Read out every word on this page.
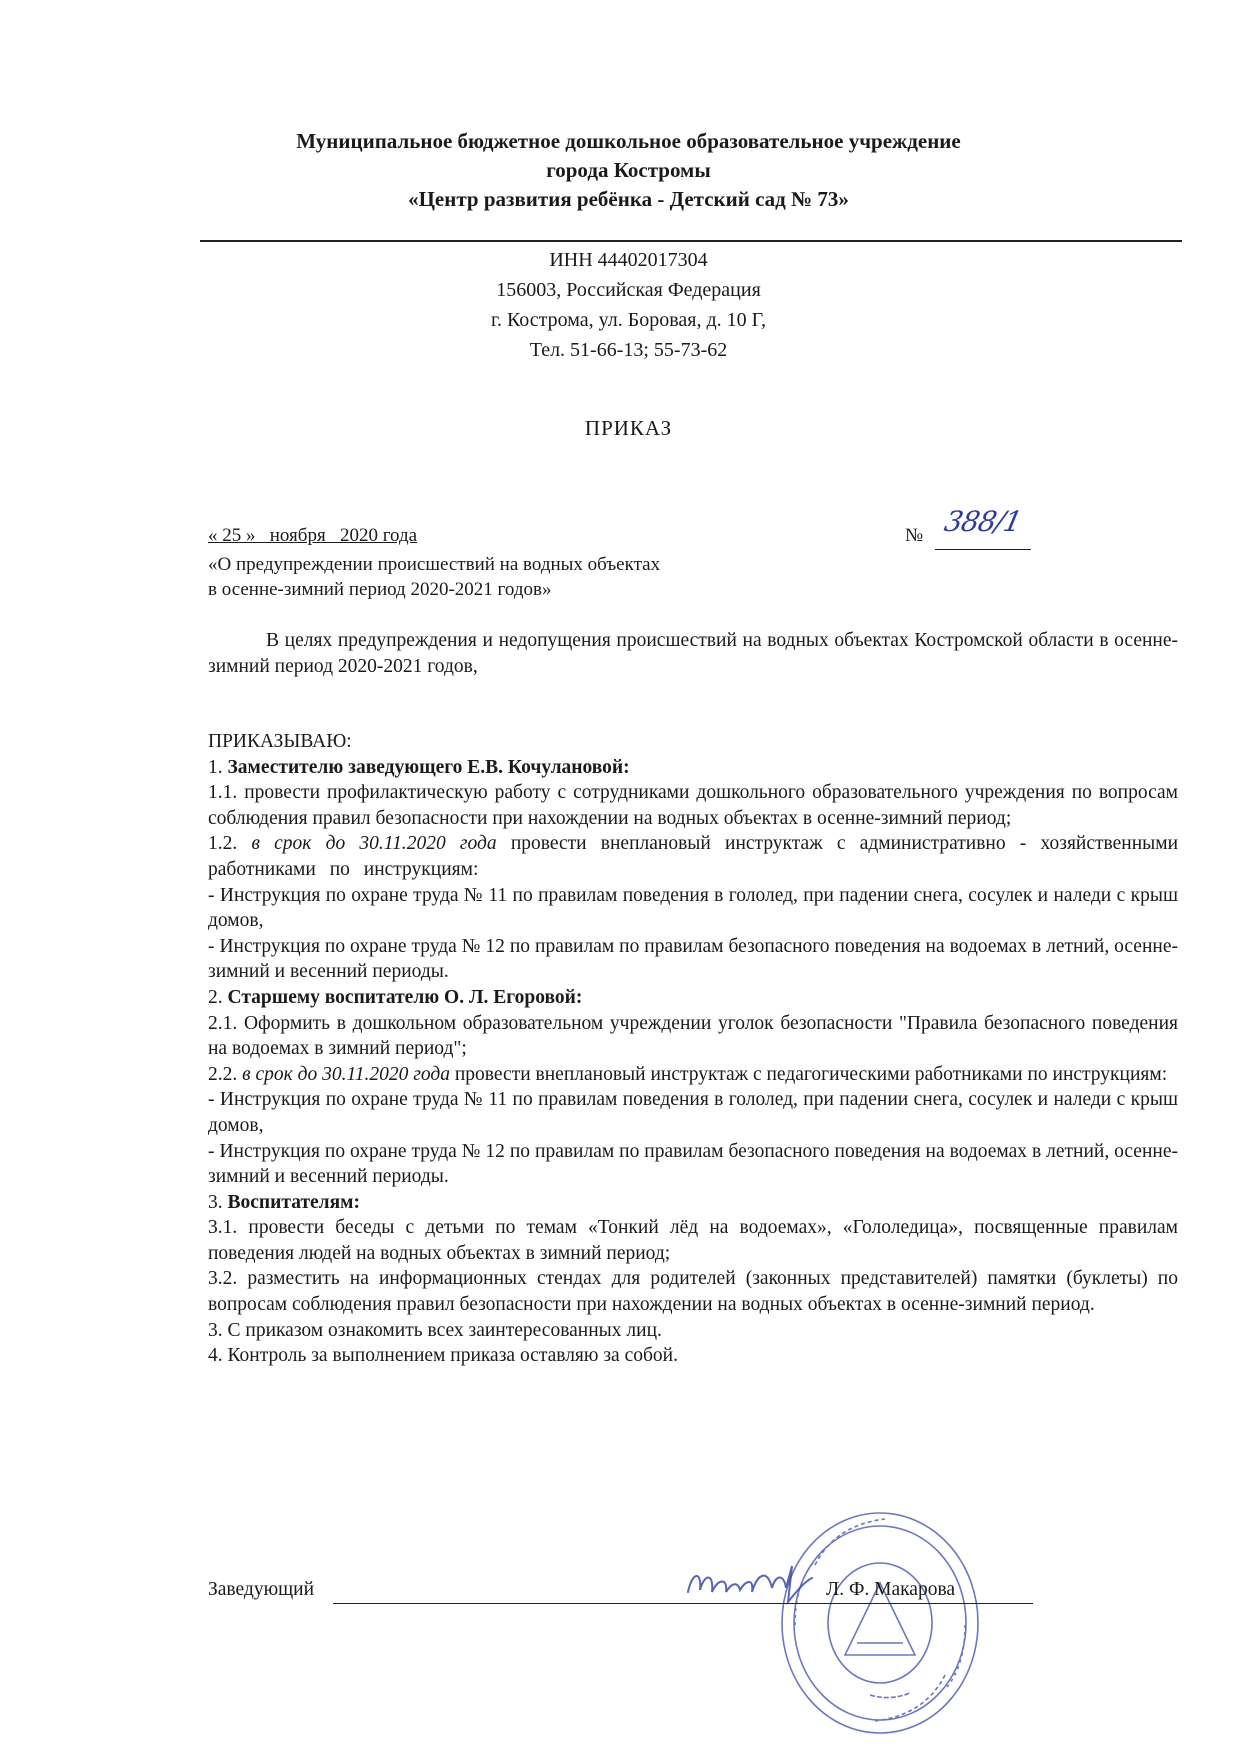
Муниципальное бюджетное дошкольное образовательное учреждение
города Костромы
«Центр развития ребёнка - Детский сад № 73»
ИНН 44402017304
156003, Российская Федерация
г. Кострома, ул. Боровая, д. 10 Г,
Тел. 51-66-13; 55-73-62
ПРИКАЗ
« 25 »   ноября   2020 года	№ 388/1
«О предупреждении происшествий на водных объектах
в осенне-зимний период 2020-2021 годов»
В целях предупреждения и недопущения происшествий на водных объектах Костромской области в осенне-зимний период 2020-2021 годов,

ПРИКАЗЫВАЮ:

1. Заместителю заведующего Е.В. Кочулановой:

1.1. провести профилактическую работу с сотрудниками дошкольного образовательного учреждения по вопросам соблюдения правил безопасности при нахождении на водных объектах в осенне-зимний период;

1.2. в срок до 30.11.2020 года провести внеплановый инструктаж с административно - хозяйственными работниками по инструкциям:

- Инструкция по охране труда № 11 по правилам поведения в гололед, при падении снега, сосулек и наледи с крыш домов,

- Инструкция по охране труда № 12 по правилам по правилам безопасного поведения на водоемах в летний, осенне-зимний и весенний периоды.

2. Старшему воспитателю О. Л. Егоровой:

2.1. Оформить в дошкольном образовательном учреждении уголок безопасности "Правила безопасного поведения на водоемах в зимний период";

2.2. в срок до 30.11.2020 года провести внеплановый инструктаж с педагогическими работниками по инструкциям:

- Инструкция по охране труда № 11 по правилам поведения в гололед, при падении снега, сосулек и наледи с крыш домов,

- Инструкция по охране труда № 12 по правилам по правилам безопасного поведения на водоемах в летний, осенне-зимний и весенний периоды.

3. Воспитателям:

3.1. провести беседы с детьми по темам «Тонкий лёд на водоемах», «Гололедица», посвященные правилам поведения людей на водных объектах в зимний период;

3.2. разместить на информационных стендах для родителей (законных представителей) памятки (буклеты) по вопросам соблюдения правил безопасности при нахождении на водных объектах в осенне-зимний период.

3. С приказом ознакомить всех заинтересованных лиц.

4. Контроль за выполнением приказа оставляю за собой.

Заведующий	Л. Ф. Макарова
